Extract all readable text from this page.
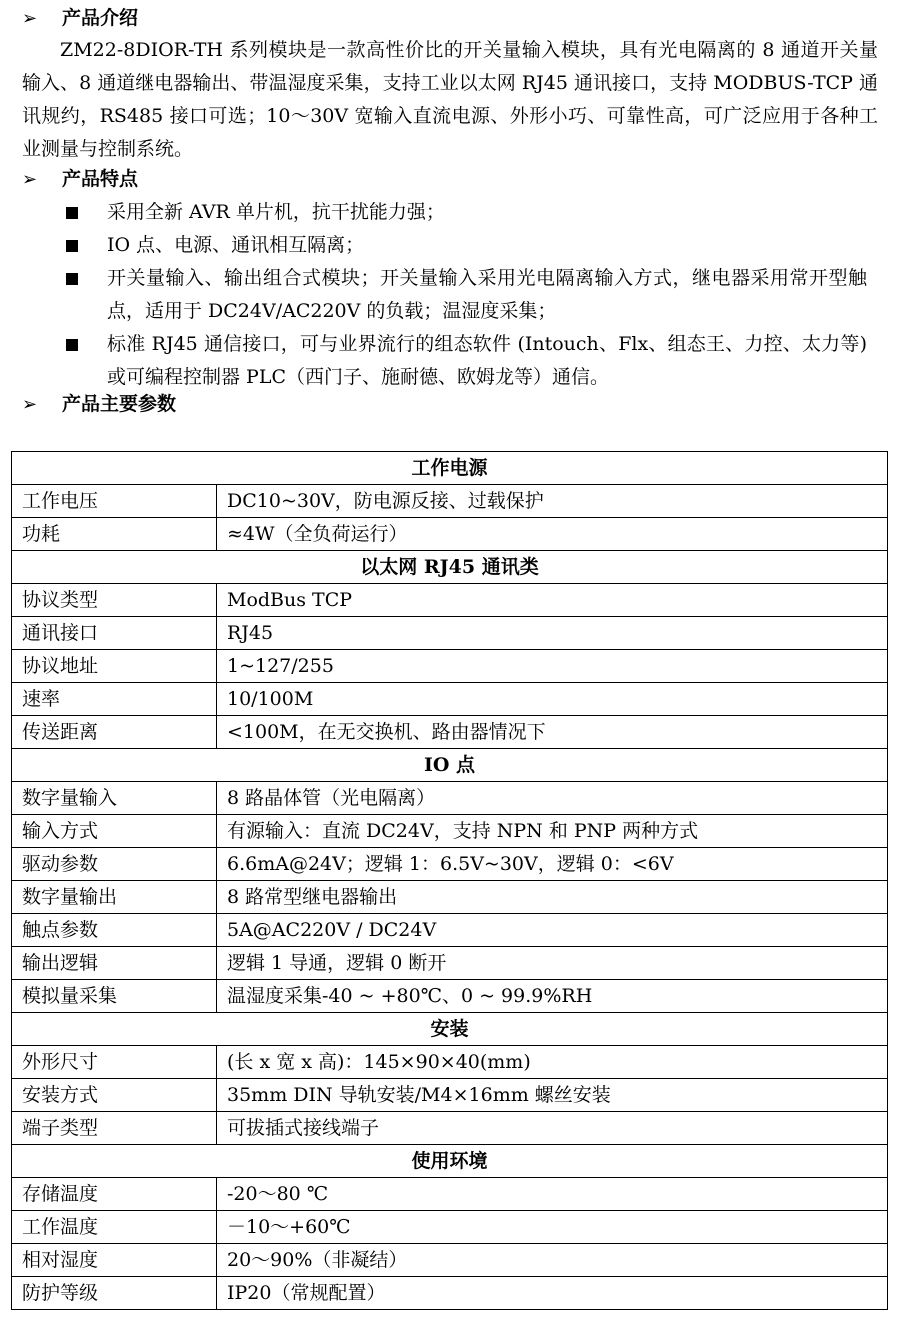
➢ 产品介绍

ZM22-8DIOR-TH 系列模块是一款高性价比的开关量输入模块，具有光电隔离的 8 通道开关量输入、8 通道继电器输出、带温湿度采集，支持工业以太网 RJ45 通讯接口，支持 MODBUS-TCP 通讯规约，RS485 接口可选；10～30V 宽输入直流电源、外形小巧、可靠性高，可广泛应用于各种工业测量与控制系统。

➢ 产品特点

采用全新 AVR 单片机，抗干扰能力强；

IO 点、电源、通讯相互隔离；

开关量输入、输出组合式模块；开关量输入采用光电隔离输入方式，继电器采用常开型触点，适用于 DC24V/AC220V 的负载；温湿度采集；

标准 RJ45 通信接口，可与业界流行的组态软件 (Intouch、Flx、组态王、力控、太力等)或可编程控制器 PLC（西门子、施耐德、欧姆龙等）通信。

➢ 产品主要参数
工作电源	
工作电压	DC10~30V，防电源反接、过载保护
功耗	≈4W（全负荷运行）
以太网 RJ45 通讯类	
协议类型	ModBus TCP
通讯接口	RJ45
协议地址	1~127/255
速率	10/100M
传送距离	<100M，在无交换机、路由器情况下
IO 点	
数字量输入	8 路晶体管（光电隔离）
输入方式	有源输入：直流 DC24V，支持 NPN 和 PNP 两种方式
驱动参数	6.6mA@24V；逻辑 1：6.5V~30V，逻辑 0：<6V
数字量输出	8 路常型继电器输出
触点参数	5A@AC220V / DC24V
输出逻辑	逻辑 1 导通，逻辑 0 断开
模拟量采集	温湿度采集-40 ~ +80℃、0 ~ 99.9%RH
安装	
外形尺寸	(长 x 宽 x 高)：145×90×40(mm)
安装方式	35mm DIN 导轨安装/M4×16mm 螺丝安装
端子类型	可拔插式接线端子
使用环境	
存储温度	-20～80 ℃
工作温度	－10～+60℃
相对湿度	20～90%（非凝结）
防护等级	IP20（常规配置）
